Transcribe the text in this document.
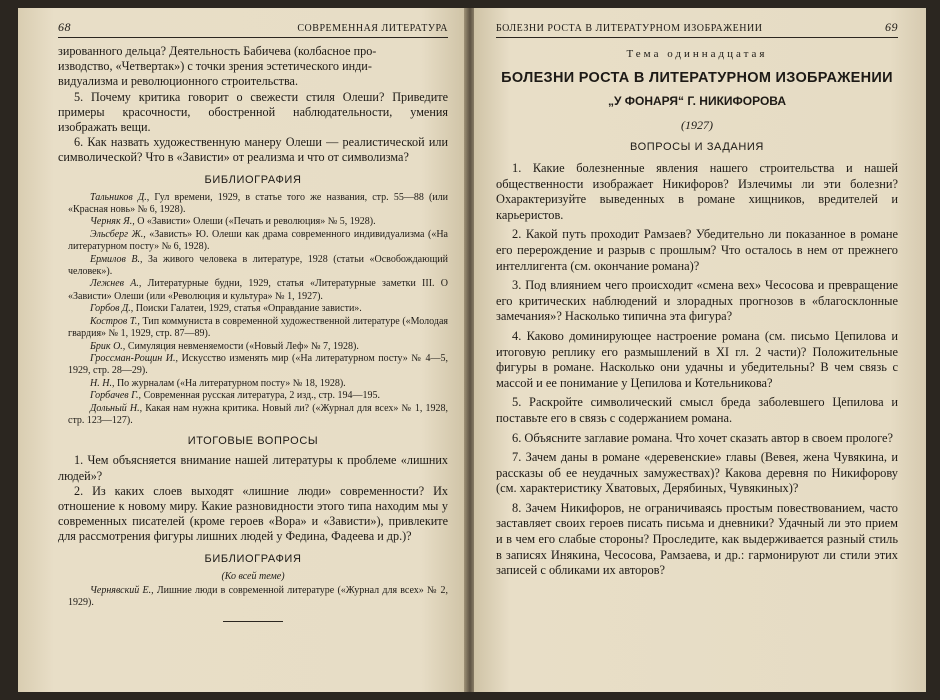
68	СОВРЕМЕННАЯ ЛИТЕРАТУРА

зированного дельца? Деятельность Бабичева (колбасное про-

изводство, «Четвертак») с точки зрения эстетического инди-

видуализма и революционного строительства.

5. Почему критика говорит о свежести стиля Олеши? Приведите примеры красочности, обостренной наблюдательности, умения изображать вещи.

6. Как назвать художественную манеру Олеши — реалистической или символической? Что в «Зависти» от реализма и что от символизма?

БИБЛИОГРАФИЯ

Тальников Д., Гул времени, 1929, в статье того же названия, стр. 55—88 (или «Красная новь» № 6, 1928).

Черняк Я., О «Зависти» Олеши («Печать и революция» № 5, 1928).

Эльсберг Ж., «Зависть» Ю. Олеши как драма современного индивидуализма («На литературном посту» № 6, 1928).

Ермилов В., За живого человека в литературе, 1928 (статьи «Освобождающий человек»).

Лежнев А., Литературные будни, 1929, статья «Литературные заметки III. О «Зависти» Олеши (или «Революция и культура» № 1, 1927).

Горбов Д., Поиски Галатеи, 1929, статья «Оправдание зависти».

Костров Т., Тип коммуниста в современной художественной литературе («Молодая гвардия» № 1, 1929, стр. 87—89).

Брик О., Симуляция невменяемости («Новый Леф» № 7, 1928).

Гроссман-Рощин И., Искусство изменять мир («На литературном посту» № 4—5, 1929, стр. 28—29).

Н. Н., По журналам («На литературном посту» № 18, 1928).

Горбачев Г., Современная русская литература, 2 изд., стр. 194—195.

Дольный Н., Какая нам нужна критика. Новый ли? («Журнал для всех» № 1, 1928, стр. 123—127).

ИТОГОВЫЕ ВОПРОСЫ

1. Чем объясняется внимание нашей литературы к проблеме «лишних людей»?

2. Из каких слоев выходят «лишние люди» современности? Их отношение к новому миру. Какие разновидности этого типа находим мы у современных писателей (кроме героев «Вора» и «Зависти»), привлеките для рассмотрения фигуры лишних людей у Федина, Фадеева и др.)?

БИБЛИОГРАФИЯ
(Ко всей теме)

Чернявский Е., Лишние люди в современной литературе («Журнал для всех» № 2, 1929).

БОЛЕЗНИ РОСТА В ЛИТЕРАТУРНОМ ИЗОБРАЖЕНИИ	69
Тема одиннадцатая
БОЛЕЗНИ РОСТА В ЛИТЕРАТУРНОМ ИЗОБРАЖЕНИИ
„У ФОНАРЯ“ Г. НИКИФОРОВА
(1927)
ВОПРОСЫ И ЗАДАНИЯ

1. Какие болезненные явления нашего строительства и нашей общественности изображает Никифоров? Излечимы ли эти болезни? Охарактеризуйте выведенных в романе хищников, вредителей и карьеристов.

2. Какой путь проходит Рамзаев? Убедительно ли показанное в романе его перерождение и разрыв с прошлым? Что осталось в нем от прежнего интеллигента (см. окончание романа)?

3. Под влиянием чего происходит «смена вех» Чесосова и превращение его критических наблюдений и злорадных прогнозов в «благосклонные замечания»? Насколько типична эта фигура?

4. Каково доминирующее настроение романа (см. письмо Цепилова и итоговую реплику его размышлений в XI гл. 2 части)? Положительные фигуры в романе. Насколько они удачны и убедительны? В чем связь с массой и ее понимание у Цепилова и Котельникова?

5. Раскройте символический смысл бреда заболевшего Цепилова и поставьте его в связь с содержанием романа.

6. Объясните заглавие романа. Что хочет сказать автор в своем прологе?

7. Зачем даны в романе «деревенские» главы (Вевея, жена Чувякина, и рассказы об ее неудачных замужествах)? Какова деревня по Никифорову (см. характеристику Хватовых, Дерябиных, Чувякиных)?

8. Зачем Никифоров, не ограничиваясь простым повествованием, часто заставляет своих героев писать письма и дневники? Удачный ли это прием и в чем его слабые стороны? Проследите, как выдерживается разный стиль в записях Инякина, Чесосова, Рамзаева, и др.: гармонируют ли стили этих записей с обликами их авторов?
